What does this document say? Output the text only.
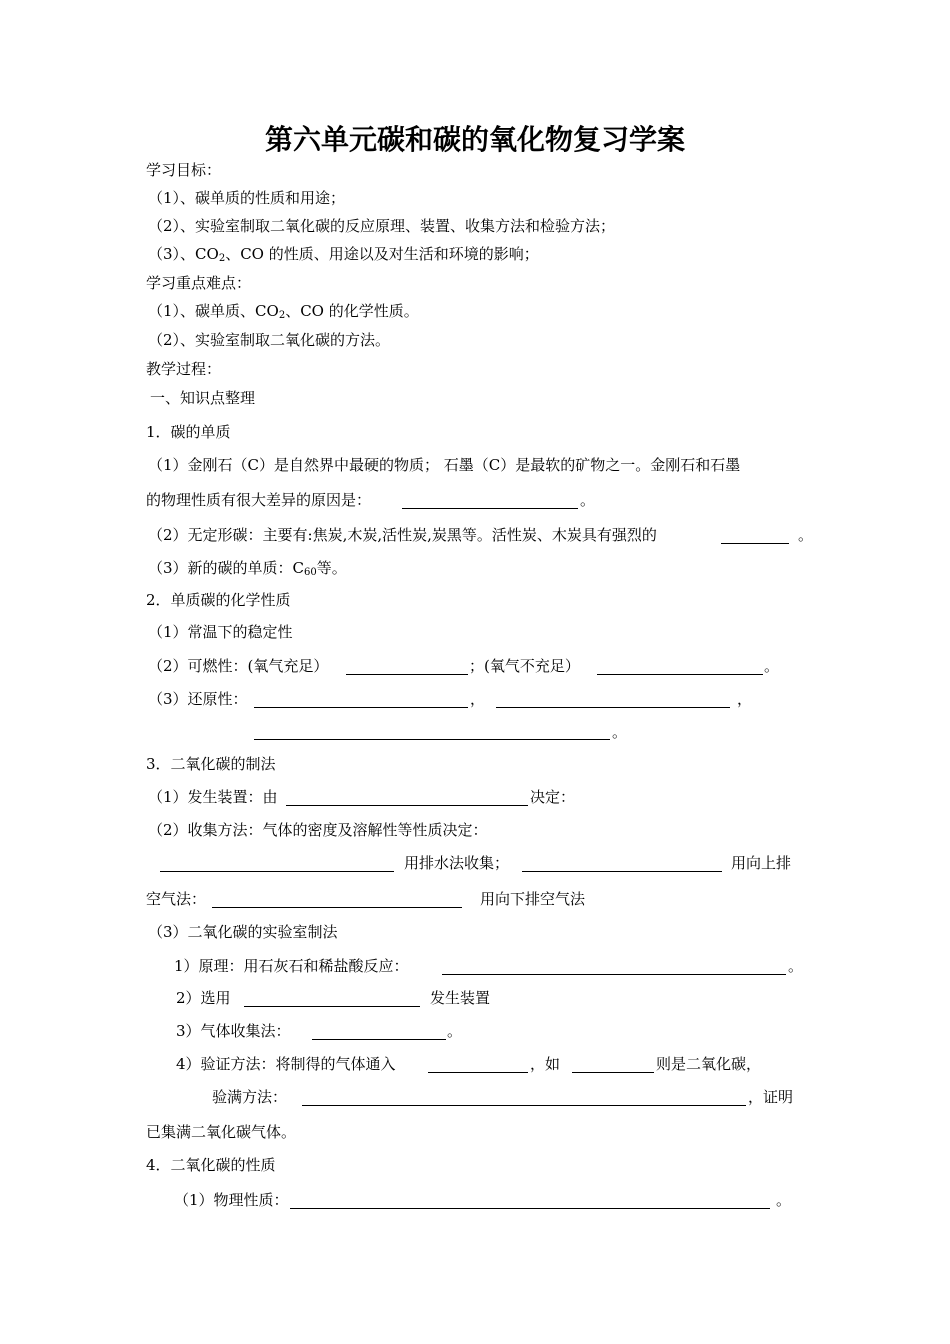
第六单元碳和碳的氧化物复习学案
学习目标：
（1）、碳单质的性质和用途；
（2）、实验室制取二氧化碳的反应原理、装置、收集方法和检验方法；
（3）、$CO_2$、CO 的性质、用途以及对生活和环境的影响；
学习重点难点：
（1）、碳单质、$CO_2$、CO 的化学性质。
（2）、实验室制取二氧化碳的方法。
教学过程：
一、知识点整理
1．碳的单质
（1）金刚石（C）是自然界中最硬的物质； 石墨（C）是最软的矿物之一。金刚石和石墨
的物理性质有很大差异的原因是：	。
（2）无定形碳：主要有:焦炭,木炭,活性炭,炭黑等。活性炭、木炭具有强烈的	。
（3）新的碳的单质：$C_{60}$等。
2．单质碳的化学性质
（1）常温下的稳定性
（2）可燃性：(氧气充足）	；(氧气不充足）	。
（3）还原性：	，	，
。
3．二氧化碳的制法
（1）发生装置：由	决定：
（2）收集方法：气体的密度及溶解性等性质决定：
用排水法收集；	用向上排
空气法：	用向下排空气法
（3）二氧化碳的实验室制法
1）原理：用石灰石和稀盐酸反应：	。
2）选用	发生装置
3）气体收集法：	。
4）验证方法：将制得的气体通入	，如	则是二氧化碳，
验满方法：	，证明
已集满二氧化碳气体。
4．二氧化碳的性质
（1）物理性质：	。
